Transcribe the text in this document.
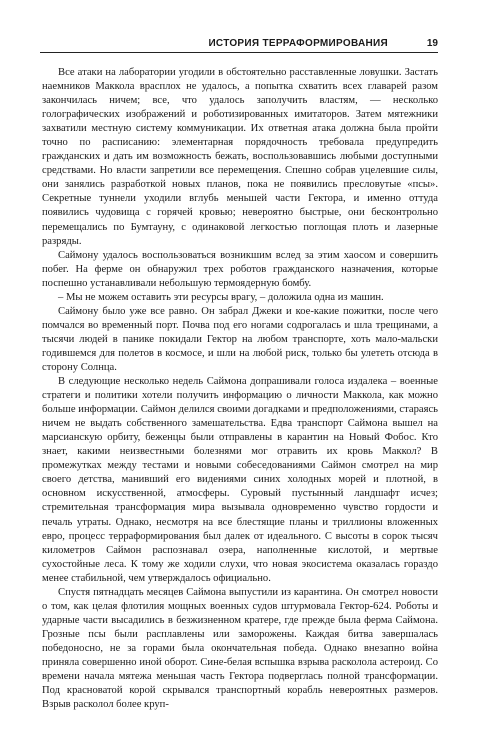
ИСТОРИЯ ТЕРРАФОРМИРОВАНИЯ	19

Все атаки на лаборатории угодили в обстоятельно расставленные ловушки. Застать наемников Маккола врасплох не удалось, а попытка схватить всех главарей разом закончилась ничем; все, что удалось заполучить властям, — несколько голографических изображений и роботизированных имитаторов. Затем мятежники захватили местную систему коммуникации. Их ответная атака должна была пройти точно по расписанию: элементарная порядочность требовала предупредить гражданских и дать им возможность бежать, воспользовавшись любыми доступными средствами. Но власти запретили все перемещения. Спешно собрав уцелевшие силы, они занялись разработкой новых планов, пока не появились пресловутые «псы». Секретные туннели уходили вглубь меньшей части Гектора, и именно оттуда появились чудовища с горячей кровью; невероятно быстрые, они бесконтрольно перемещались по Бумтауну, с одинаковой легкостью поглощая плоть и лазерные разряды.

Саймону удалось воспользоваться возникшим вслед за этим хаосом и совершить побег. На ферме он обнаружил трех роботов гражданского назначения, которые поспешно устанавливали небольшую термоядерную бомбу.

– Мы не можем оставить эти ресурсы врагу, – доложила одна из машин.

Саймону было уже все равно. Он забрал Джеки и кое-какие пожитки, после чего помчался во временный порт. Почва под его ногами содрогалась и шла трещинами, а тысячи людей в панике покидали Гектор на любом транспорте, хоть мало-мальски годившемся для полетов в космосе, и шли на любой риск, только бы улететь отсюда в сторону Солнца.

В следующие несколько недель Саймона допрашивали голоса издалека – военные стратеги и политики хотели получить информацию о личности Маккола, как можно больше информации. Саймон делился своими догадками и предположениями, стараясь ничем не выдать собственного замешательства. Едва транспорт Саймона вышел на марсианскую орбиту, беженцы были отправлены в карантин на Новый Фобос. Кто знает, какими неизвестными болезнями мог отравить их кровь Маккол? В промежутках между тестами и новыми собеседованиями Саймон смотрел на мир своего детства, манивший его видениями синих холодных морей и плотной, в основном искусственной, атмосферы. Суровый пустынный ландшафт исчез; стремительная трансформация мира вызывала одновременно чувство гордости и печаль утраты. Однако, несмотря на все блестящие планы и триллионы вложенных евро, процесс терраформирования был далек от идеального. С высоты в сорок тысяч километров Саймон распознавал озера, наполненные кислотой, и мертвые сухостойные леса. К тому же ходили слухи, что новая экосистема оказалась гораздо менее стабильной, чем утверждалось официально.

Спустя пятнадцать месяцев Саймона выпустили из карантина. Он смотрел новости о том, как целая флотилия мощных военных судов штурмовала Гектор-624. Роботы и ударные части высадились в безжизненном кратере, где прежде была ферма Саймона. Грозные псы были расплавлены или заморожены. Каждая битва завершалась победоносно, не за горами была окончательная победа. Однако внезапно война приняла совершенно иной оборот. Сине-белая вспышка взрыва расколола астероид. Со времени начала мятежа меньшая часть Гектора подверглась полной трансформации. Под красноватой корой скрывался транспортный корабль невероятных размеров. Взрыв расколол более круп-
